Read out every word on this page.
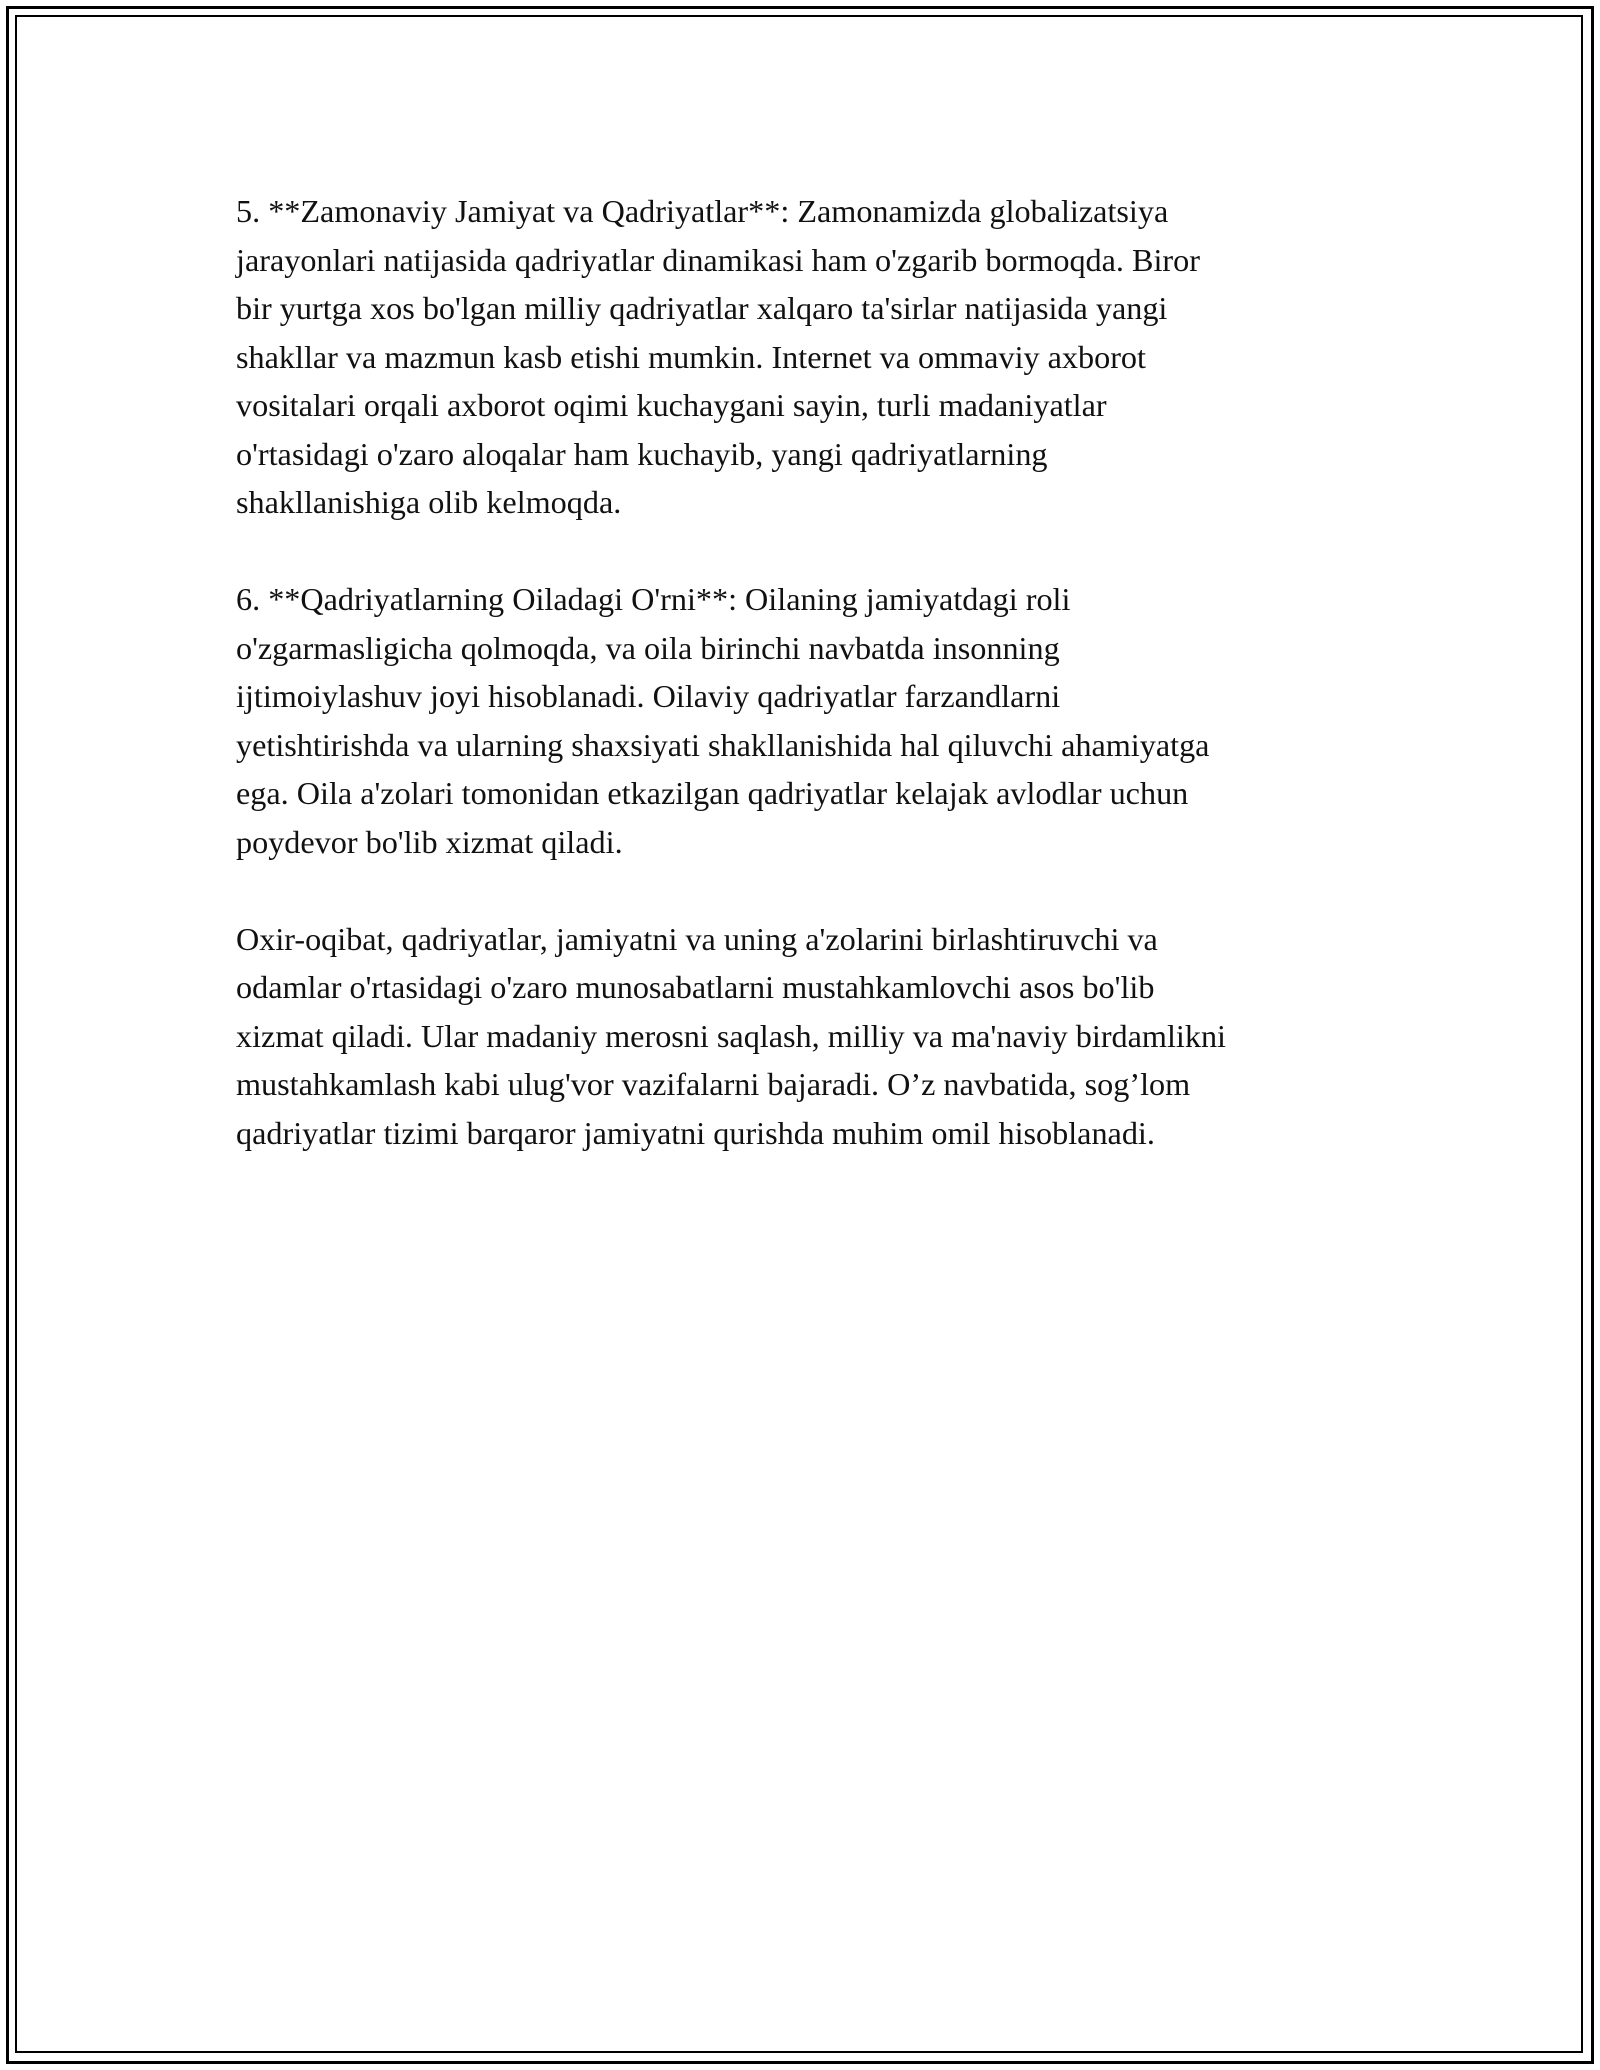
5. **Zamonaviy Jamiyat va Qadriyatlar**: Zamonamizda globalizatsiya
jarayonlari natijasida qadriyatlar dinamikasi ham o'zgarib bormoqda. Biror
bir yurtga xos bo'lgan milliy qadriyatlar xalqaro ta'sirlar natijasida yangi
shakllar va mazmun kasb etishi mumkin. Internet va ommaviy axborot
vositalari orqali axborot oqimi kuchaygani sayin, turli madaniyatlar
o'rtasidagi o'zaro aloqalar ham kuchayib, yangi qadriyatlarning
shakllanishiga olib kelmoqda.

6. **Qadriyatlarning Oiladagi O'rni**: Oilaning jamiyatdagi roli
o'zgarmasligicha qolmoqda, va oila birinchi navbatda insonning
ijtimoiylashuv joyi hisoblanadi. Oilaviy qadriyatlar farzandlarni
yetishtirishda va ularning shaxsiyati shakllanishida hal qiluvchi ahamiyatga
ega. Oila a'zolari tomonidan etkazilgan qadriyatlar kelajak avlodlar uchun
poydevor bo'lib xizmat qiladi.

Oxir-oqibat, qadriyatlar, jamiyatni va uning a'zolarini birlashtiruvchi va
odamlar o'rtasidagi o'zaro munosabatlarni mustahkamlovchi asos bo'lib
xizmat qiladi. Ular madaniy merosni saqlash, milliy va ma'naviy birdamlikni
mustahkamlash kabi ulug'vor vazifalarni bajaradi. O’z navbatida, sog’lom
qadriyatlar tizimi barqaror jamiyatni qurishda muhim omil hisoblanadi.
